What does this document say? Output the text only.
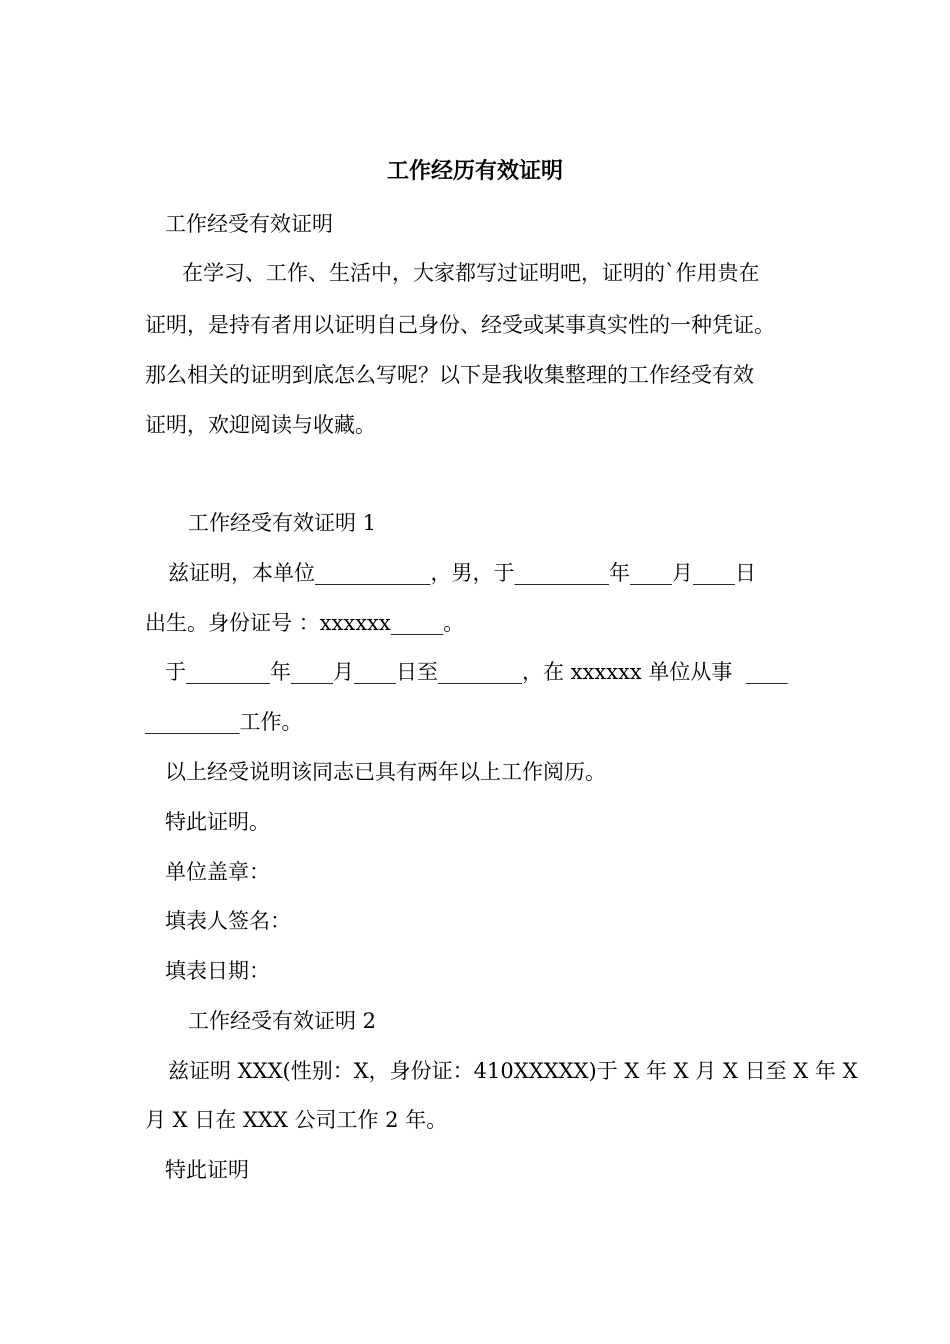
工作经历有效证明
工作经受有效证明
在学习、工作、生活中，大家都写过证明吧，证明的`作用贵在
证明，是持有者用以证明自己身份、经受或某事真实性的一种凭证。
那么相关的证明到底怎么写呢？以下是我收集整理的工作经受有效
证明，欢迎阅读与收藏。
工作经受有效证明 1
兹证明，本单位___________，男，于_________年____月____日
出生。身份证号 ：xxxxxx_____。
于________年____月____日至________，在 xxxxxx 单位从事  ____
_________工作。
以上经受说明该同志已具有两年以上工作阅历。
特此证明。
单位盖章：
填表人签名：
填表日期：
工作经受有效证明 2
兹证明 XXX(性别：X，身份证：410XXXXX)于 X 年 X 月 X 日至 X 年 X
月 X 日在 XXX 公司工作 2 年。
特此证明
